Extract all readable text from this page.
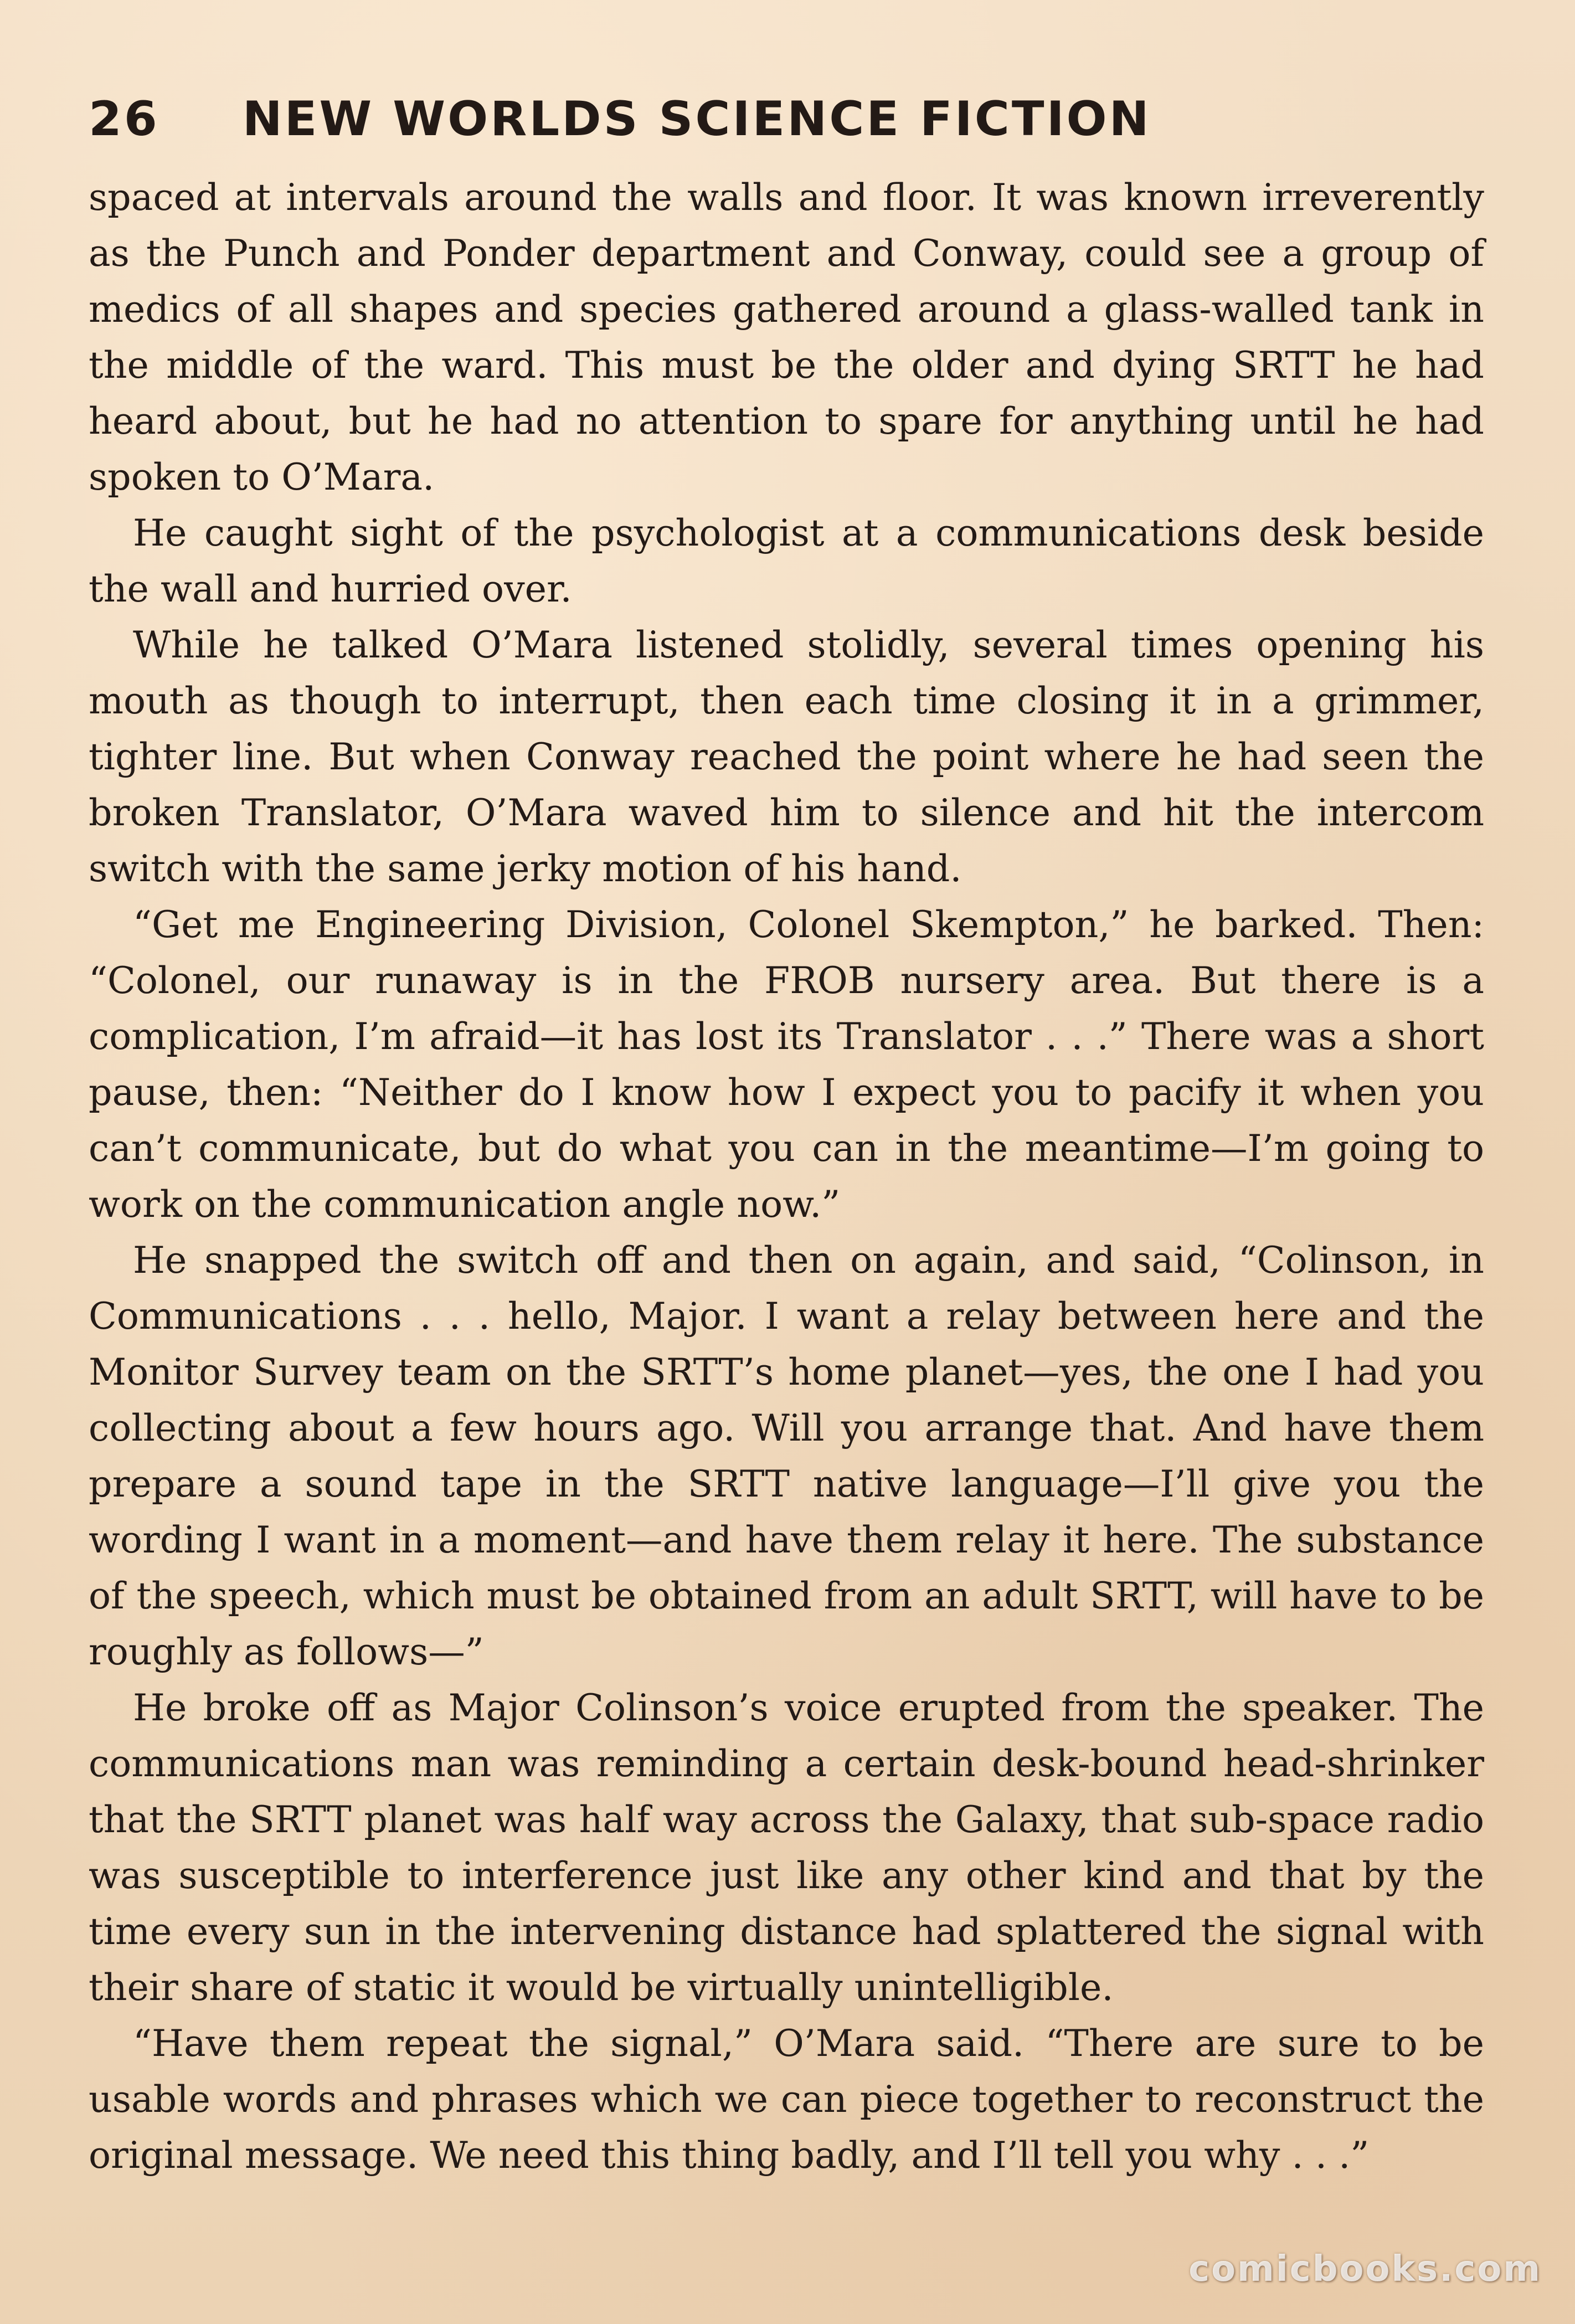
26 NEW WORLDS SCIENCE FICTION

spaced at intervals around the walls and floor. It was known irreverently as the Punch and Ponder department and Conway, could see a group of medics of all shapes and species gathered around a glass-walled tank in the middle of the ward. This must be the older and dying SRTT he had heard about, but he had no attention to spare for anything until he had spoken to O’Mara.

He caught sight of the psychologist at a communications desk beside the wall and hurried over.

While he talked O’Mara listened stolidly, several times opening his mouth as though to interrupt, then each time closing it in a grimmer, tighter line. But when Conway reached the point where he had seen the broken Translator, O’Mara waved him to silence and hit the intercom switch with the same jerky motion of his hand.

“Get me Engineering Division, Colonel Skempton,” he barked. Then: “Colonel, our runaway is in the FROB nursery area. But there is a complication, I’m afraid—it has lost its Translator . . .” There was a short pause, then: “Neither do I know how I expect you to pacify it when you can’t communicate, but do what you can in the meantime—I’m going to work on the communication angle now.”

He snapped the switch off and then on again, and said, “Colinson, in Communications . . . hello, Major. I want a relay between here and the Monitor Survey team on the SRTT’s home planet—yes, the one I had you collecting about a few hours ago. Will you arrange that. And have them prepare a sound tape in the SRTT native language—I’ll give you the wording I want in a moment—and have them relay it here. The substance of the speech, which must be obtained from an adult SRTT, will have to be roughly as follows—”

He broke off as Major Colinson’s voice erupted from the speaker. The communications man was reminding a certain desk-bound head-shrinker that the SRTT planet was half way across the Galaxy, that sub-space radio was susceptible to interference just like any other kind and that by the time every sun in the intervening distance had splattered the signal with their share of static it would be virtually unintelligible.

“Have them repeat the signal,” O’Mara said. “There are sure to be usable words and phrases which we can piece together to reconstruct the original message. We need this thing badly, and I’ll tell you why . . .”

comicbooks.com
